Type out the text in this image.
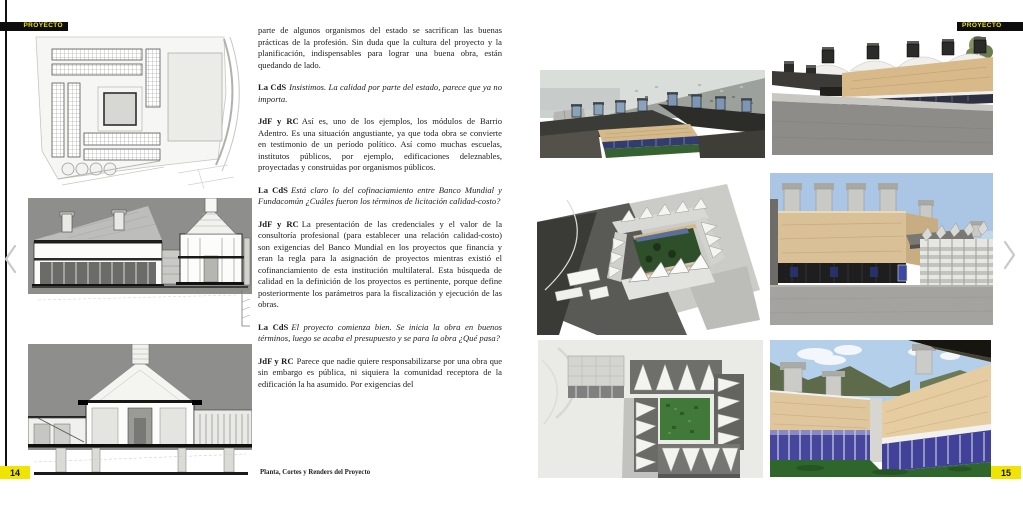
PROYECTO	parte de algunos organismos del estado se sacrifican las buenas prácticas de la profesión. Sin duda que la cultura del proyecto y la planificación, indispensables para lograr una buena obra, están quedando de lado.

La CdS Insistimos. La calidad por parte del estado, parece que ya no importa.

JdF y RC Así es, uno de los ejemplos, los módulos de Barrio Adentro. Es una situación angustiante, ya que toda obra se convierte en testimonio de un período político. Así como muchas escuelas, institutos públicos, por ejemplo, edificaciones deleznables, proyectadas y construidas por organismos públicos.

La CdS Está claro lo del cofinaciamiento entre Banco Mundial y Fundacomún ¿Cuáles fueron los términos de licitación calidad-costo?

JdF y RC La presentación de las credenciales y el valor de la consultoría profesional (para establecer una relación calidad-costo) son exigencias del Banco Mundial en los proyectos que financia y eran la regla para la asignación de proyectos mientras existió el cofinanciamiento de esta institución multilateral. Esta búsqueda de calidad en la definición de los proyectos es pertinente, porque define posteriormente los parámetros para la fiscalización y ejecución de las obras.

La CdS El proyecto comienza bien. Se inicia la obra en buenos términos, luego se acaba el presupuesto y se para la obra ¿Qué pasa?

JdF y RC Parece que nadie quiere responsabilizarse por una obra que sin embargo es pública, ni siquiera la comunidad receptora de la edificación la ha asumido. Por exigencias del

Planta, Cortes y Renders del Proyecto
14
PROYECTO
15
